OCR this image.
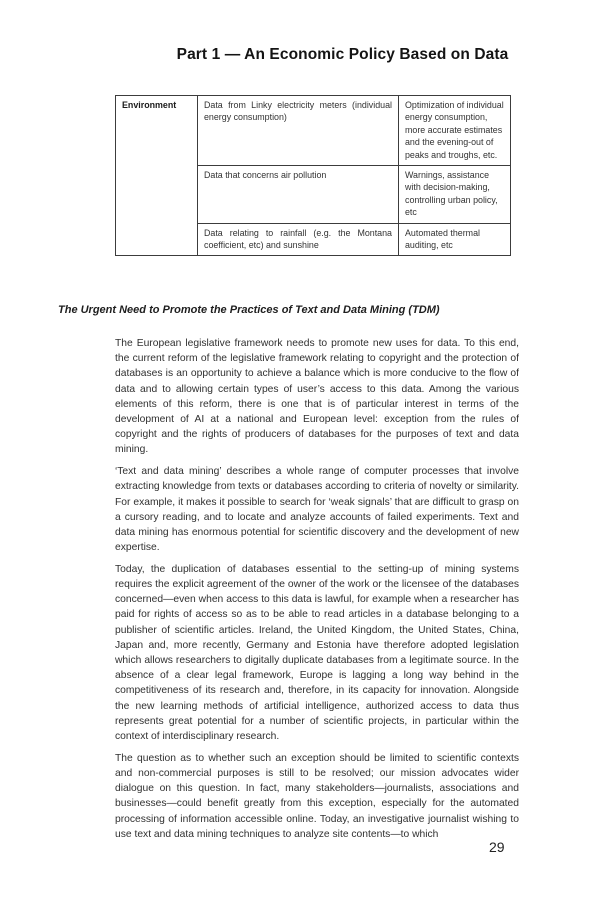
Part 1 — An Economic Policy Based on Data
Environment	Data from Linky electricity meters (individual energy consumption)	Optimization of individual energy consumption, more accurate estimates and the evening-out of peaks and troughs, etc.
	Data that concerns air pollution	Warnings, assistance with decision-making, controlling urban policy, etc
	Data relating to rainfall (e.g. the Montana coefficient, etc) and sunshine	Automated thermal auditing, etc
The Urgent Need to Promote the Practices of Text and Data Mining (TDM)

The European legislative framework needs to promote new uses for data. To this end, the current reform of the legislative framework relating to copyright and the protection of databases is an opportunity to achieve a balance which is more conducive to the flow of data and to allowing certain types of user’s access to this data. Among the various elements of this reform, there is one that is of particular interest in terms of the development of AI at a national and European level: exception from the rules of copyright and the rights of producers of databases for the purposes of text and data mining.

‘Text and data mining’ describes a whole range of computer processes that involve extracting knowledge from texts or databases according to criteria of novelty or similarity. For example, it makes it possible to search for ‘weak signals’ that are difficult to grasp on a cursory reading, and to locate and analyze accounts of failed experiments. Text and data mining has enormous potential for scientific discovery and the development of new expertise.

Today, the duplication of databases essential to the setting-up of mining systems requires the explicit agreement of the owner of the work or the licensee of the databases concerned—even when access to this data is lawful, for example when a researcher has paid for rights of access so as to be able to read articles in a database belonging to a publisher of scientific articles. Ireland, the United Kingdom, the United States, China, Japan and, more recently, Germany and Estonia have therefore adopted legislation which allows researchers to digitally duplicate databases from a legitimate source. In the absence of a clear legal framework, Europe is lagging a long way behind in the competitiveness of its research and, therefore, in its capacity for innovation. Alongside the new learning methods of artificial intelligence, authorized access to data thus represents great potential for a number of scientific projects, in particular within the context of interdisciplinary research.

The question as to whether such an exception should be limited to scientific contexts and non-commercial purposes is still to be resolved; our mission advocates wider dialogue on this question. In fact, many stakeholders—journalists, associations and businesses—could benefit greatly from this exception, especially for the automated processing of information accessible online. Today, an investigative journalist wishing to use text and data mining techniques to analyze site contents—to which

29
